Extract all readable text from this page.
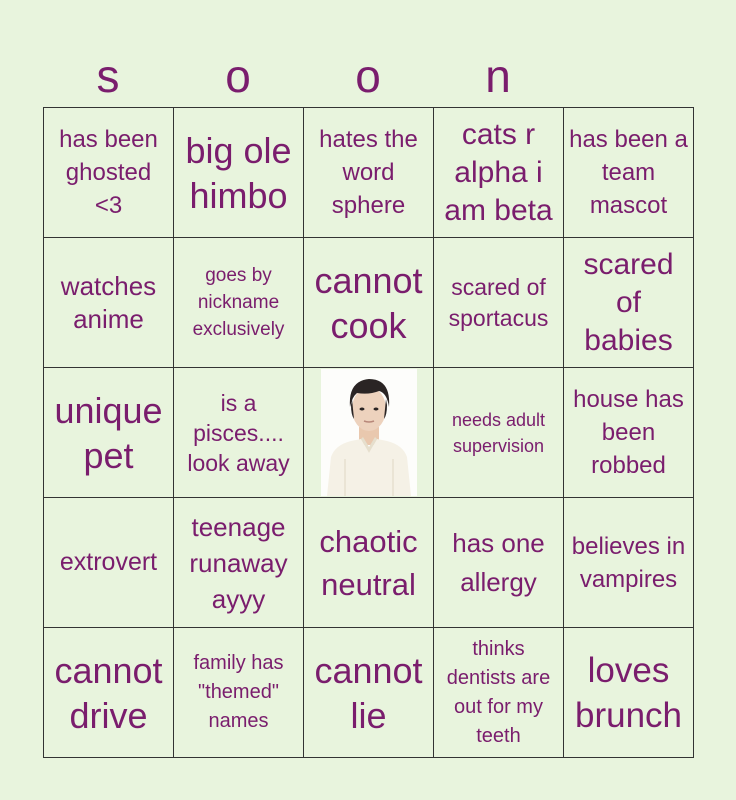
s	o	o	n
has been ghosted <3
big ole himbo
hates the word sphere
cats r alpha i am beta
has been a team mascot
watches anime
goes by nickname exclusively
cannot cook
scared of sportacus
scared of babies
unique pet
is a pisces.... look away
needs adult supervision
house has been robbed
extrovert
teenage runaway ayyy
chaotic neutral
has one allergy
believes in vampires
cannot drive
family has "themed" names
cannot lie
thinks dentists are out for my teeth
loves brunch
